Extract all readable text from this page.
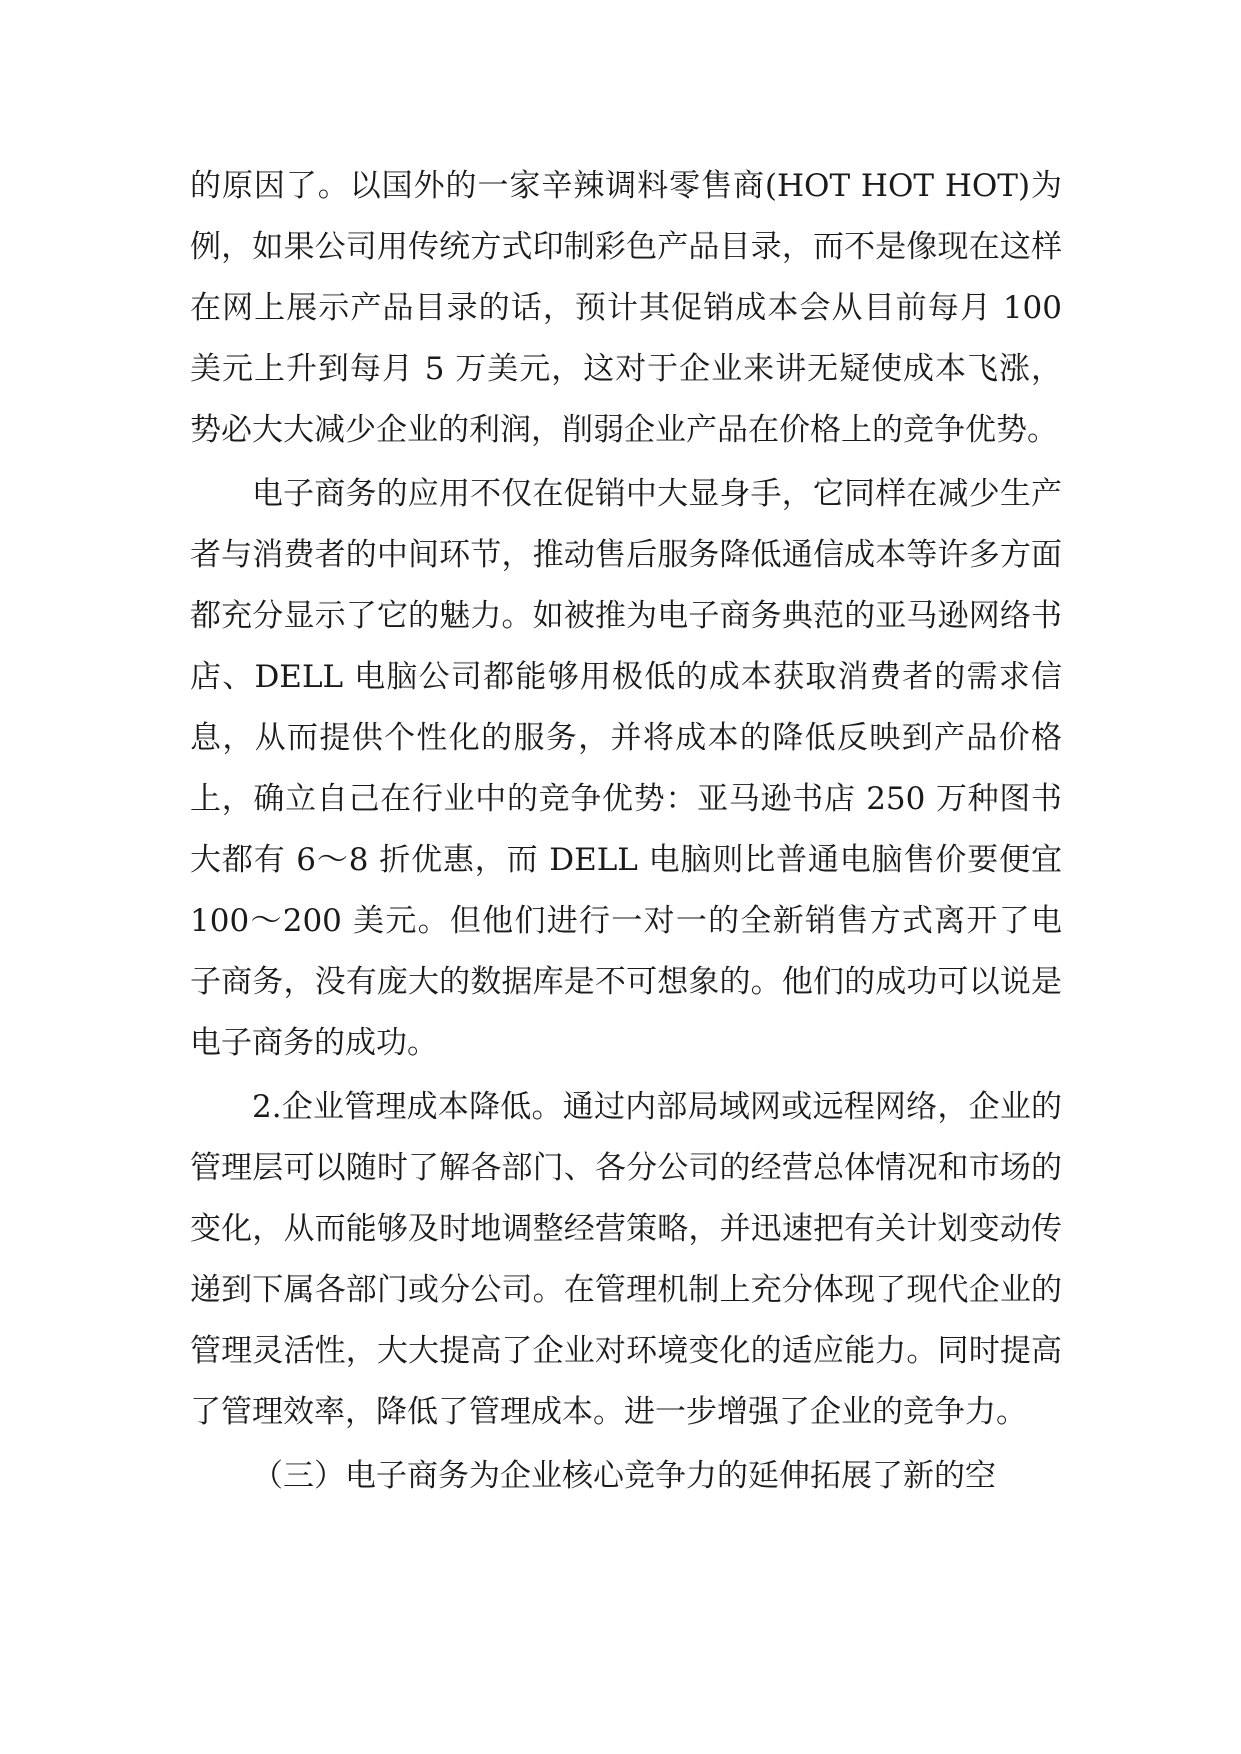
的原因了。以国外的一家辛辣调料零售商(HOT HOT HOT)为例，如果公司用传统方式印制彩色产品目录，而不是像现在这样在网上展示产品目录的话，预计其促销成本会从目前每月 100 美元上升到每月 5 万美元，这对于企业来讲无疑使成本飞涨，势必大大减少企业的利润，削弱企业产品在价格上的竞争优势。

电子商务的应用不仅在促销中大显身手，它同样在减少生产者与消费者的中间环节，推动售后服务降低通信成本等许多方面都充分显示了它的魅力。如被推为电子商务典范的亚马逊网络书店、DELL 电脑公司都能够用极低的成本获取消费者的需求信息，从而提供个性化的服务，并将成本的降低反映到产品价格上，确立自己在行业中的竞争优势：亚马逊书店 250 万种图书大都有 6～8 折优惠，而 DELL 电脑则比普通电脑售价要便宜 100～200 美元。但他们进行一对一的全新销售方式离开了电子商务，没有庞大的数据库是不可想象的。他们的成功可以说是电子商务的成功。

2.企业管理成本降低。通过内部局域网或远程网络，企业的管理层可以随时了解各部门、各分公司的经营总体情况和市场的变化，从而能够及时地调整经营策略，并迅速把有关计划变动传递到下属各部门或分公司。在管理机制上充分体现了现代企业的管理灵活性，大大提高了企业对环境变化的适应能力。同时提高了管理效率，降低了管理成本。进一步增强了企业的竞争力。

（三）电子商务为企业核心竞争力的延伸拓展了新的空
